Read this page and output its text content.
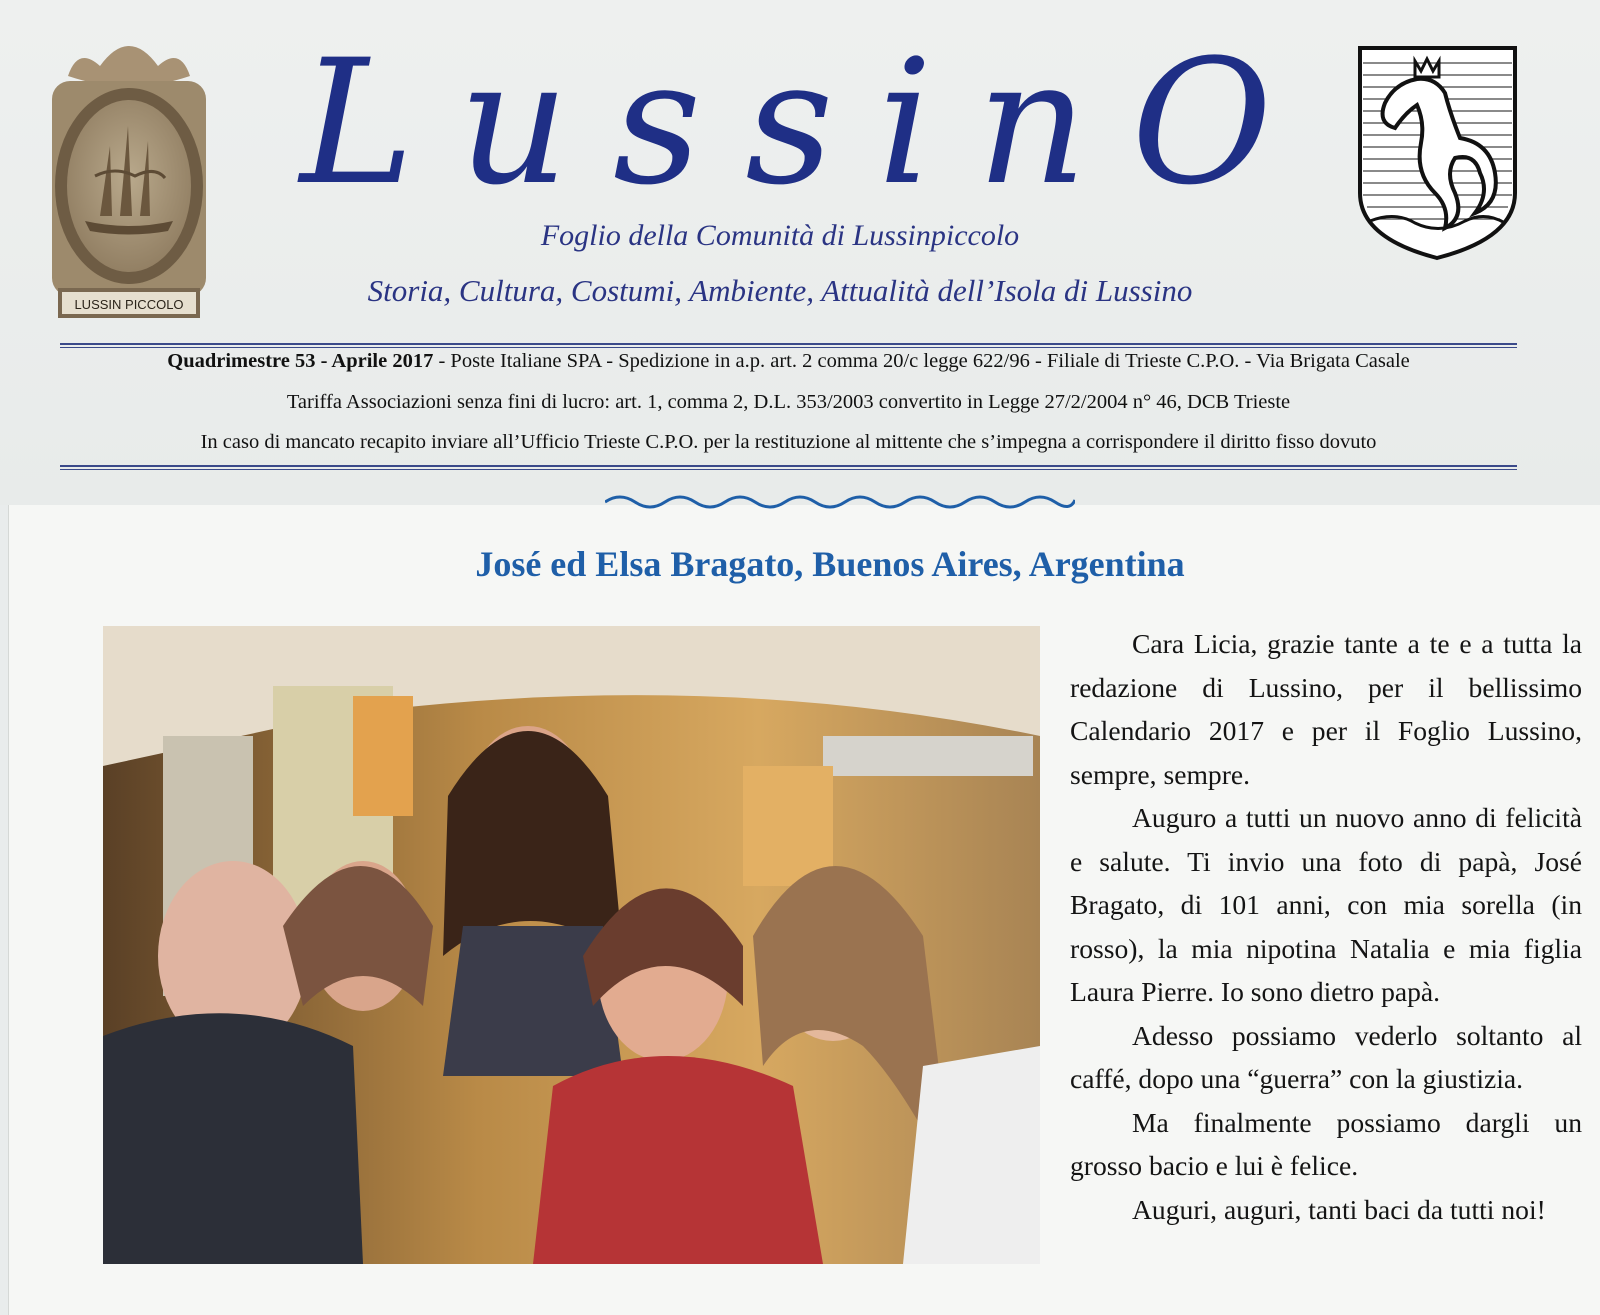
LUSSIN PICCOLO
LussinO
Foglio della Comunità di Lussinpiccolo
Storia, Cultura, Costumi, Ambiente, Attualità dell’Isola di Lussino
Quadrimestre 53 - Aprile 2017 - Poste Italiane SPA - Spedizione in a.p. art. 2 comma 20/c legge 622/96 - Filiale di Trieste C.P.O. - Via Brigata Casale
Tariffa Associazioni senza fini di lucro: art. 1, comma 2, D.L. 353/2003 convertito in Legge 27/2/2004 n° 46, DCB Trieste
In caso di mancato recapito inviare all’Ufficio Trieste C.P.O. per la restituzione al mittente che s’impegna a corrispondere il diritto fisso dovuto
José ed Elsa Bragato, Buenos Aires, Argentina

Cara Licia, grazie tante a te e a tutta la redazione di Lussino, per il bellissimo Calendario 2017 e per il Foglio Lussino, sempre, sempre.

Auguro a tutti un nuovo anno di felicità e salute. Ti invio una foto di papà, José Bragato, di 101 anni, con mia sorella (in rosso), la mia nipotina Natalia e mia figlia Laura Pierre. Io sono dietro papà.

Adesso possiamo vederlo soltanto al caffé, dopo una “guerra” con la giustizia.

Ma finalmente possiamo dargli un grosso bacio e lui è felice.

Auguri, auguri, tanti baci da tutti noi!
